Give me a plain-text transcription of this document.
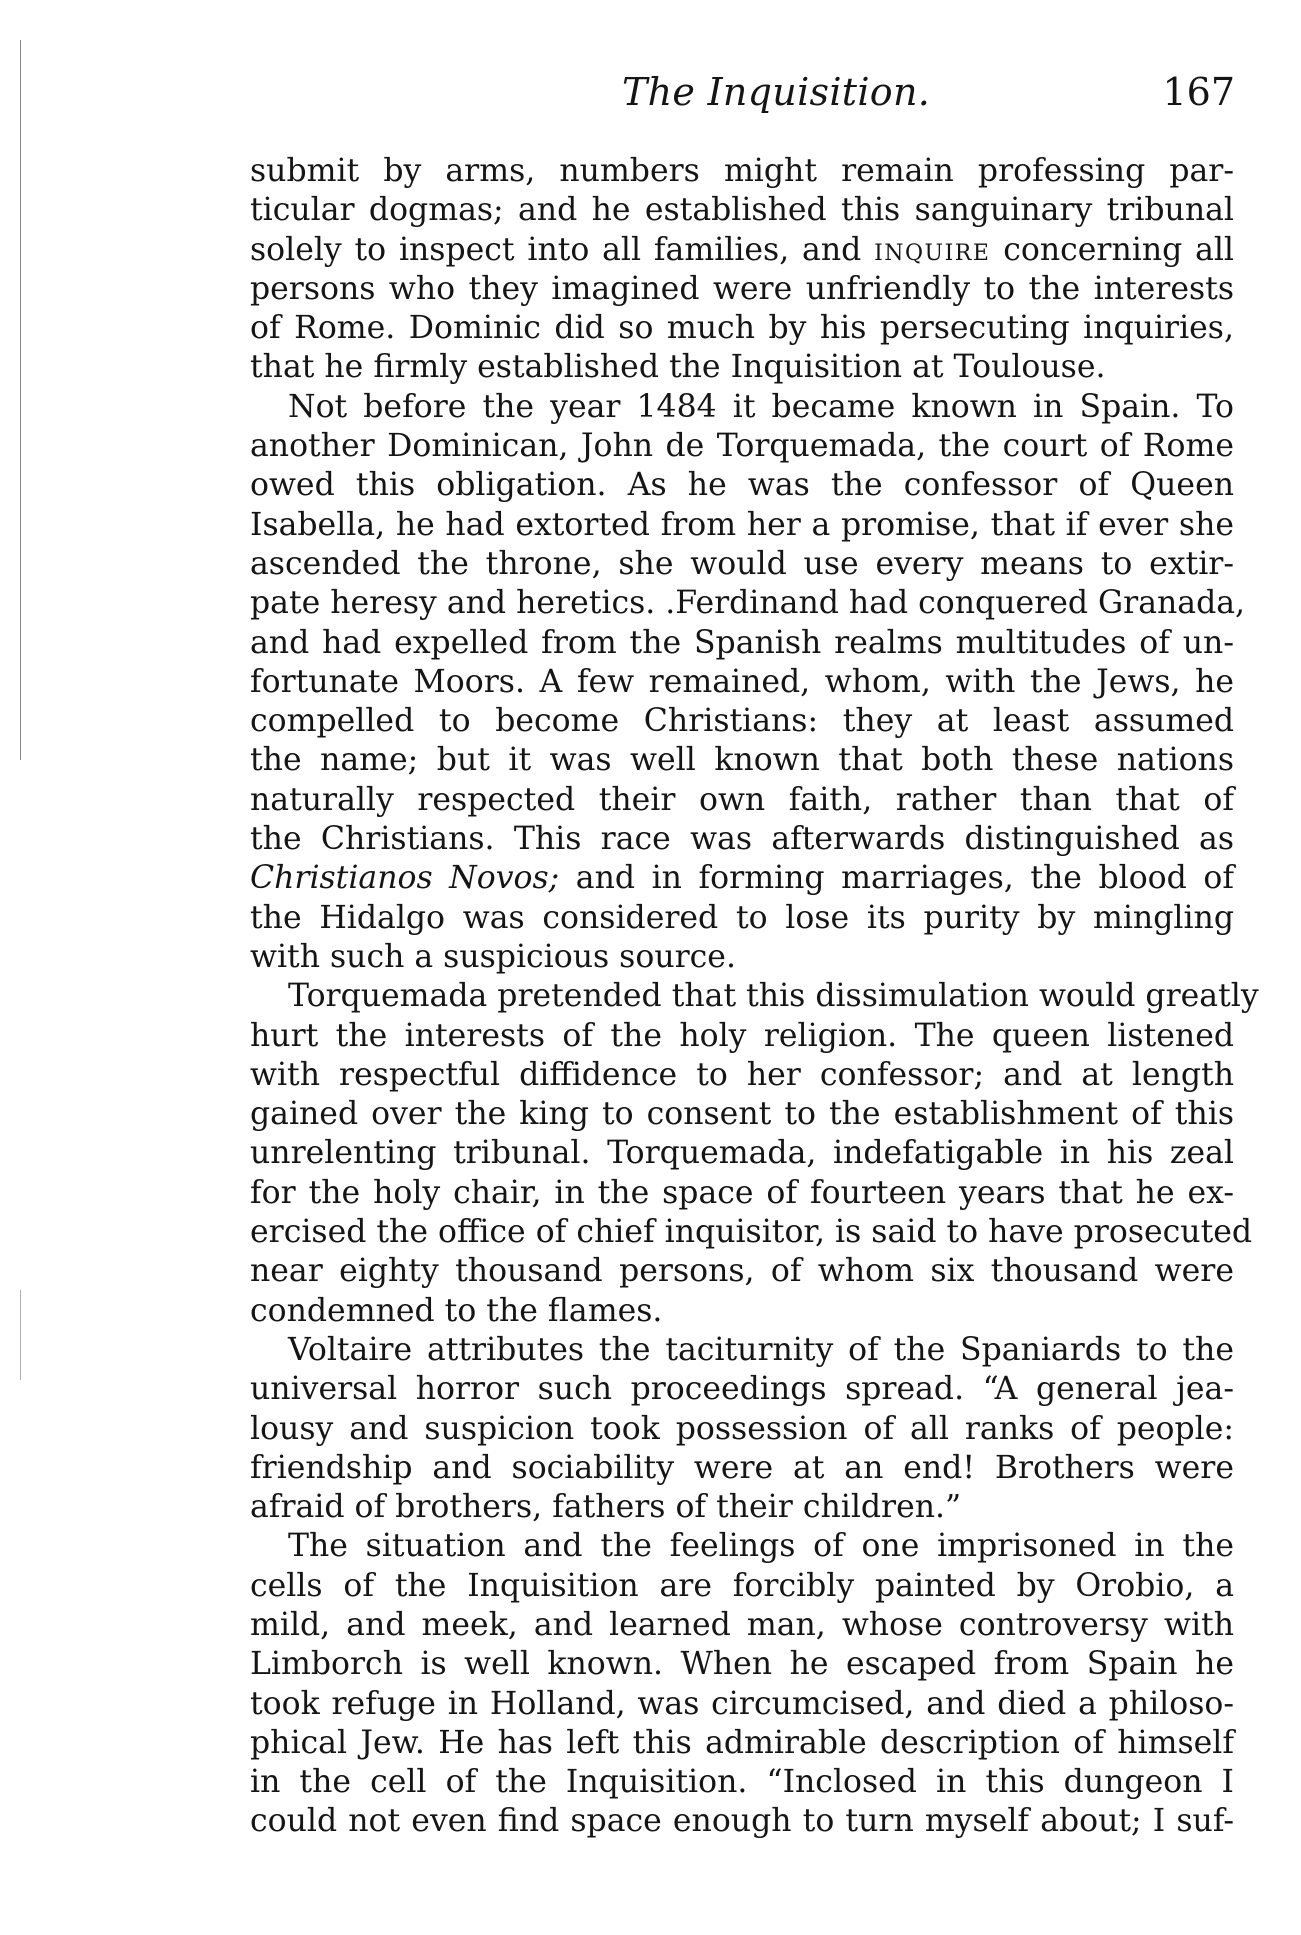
The Inquisition.	167
submit by arms, numbers might remain professing par-
ticular dogmas; and he established this sanguinary tribunal
solely to inspect into all families, and inquire concerning all
persons who they imagined were unfriendly to the interests
of Rome. Dominic did so much by his persecuting inquiries,
that he firmly established the Inquisition at Toulouse.
Not before the year 1484 it became known in Spain. To
another Dominican, John de Torquemada, the court of Rome
owed this obligation. As he was the confessor of Queen
Isabella, he had extorted from her a promise, that if ever she
ascended the throne, she would use every means to extir-
pate heresy and heretics. .Ferdinand had conquered Granada,
and had expelled from the Spanish realms multitudes of un-
fortunate Moors. A few remained, whom, with the Jews, he
compelled to become Christians: they at least assumed
the name; but it was well known that both these nations
naturally respected their own faith, rather than that of
the Christians. This race was afterwards distinguished as
Christianos Novos; and in forming marriages, the blood of
the Hidalgo was considered to lose its purity by mingling
with such a suspicious source.
Torquemada pretended that this dissimulation would greatly
hurt the interests of the holy religion. The queen listened
with respectful diffidence to her confessor; and at length
gained over the king to consent to the establishment of this
unrelenting tribunal. Torquemada, indefatigable in his zeal
for the holy chair, in the space of fourteen years that he ex-
ercised the office of chief inquisitor, is said to have prosecuted
near eighty thousand persons, of whom six thousand were
condemned to the flames.
Voltaire attributes the taciturnity of the Spaniards to the
universal horror such proceedings spread. “A general jea-
lousy and suspicion took possession of all ranks of people:
friendship and sociability were at an end! Brothers were
afraid of brothers, fathers of their children.”
The situation and the feelings of one imprisoned in the
cells of the Inquisition are forcibly painted by Orobio, a
mild, and meek, and learned man, whose controversy with
Limborch is well known. When he escaped from Spain he
took refuge in Holland, was circumcised, and died a philoso-
phical Jew. He has left this admirable description of himself
in the cell of the Inquisition. “Inclosed in this dungeon I
could not even find space enough to turn myself about; I suf-
